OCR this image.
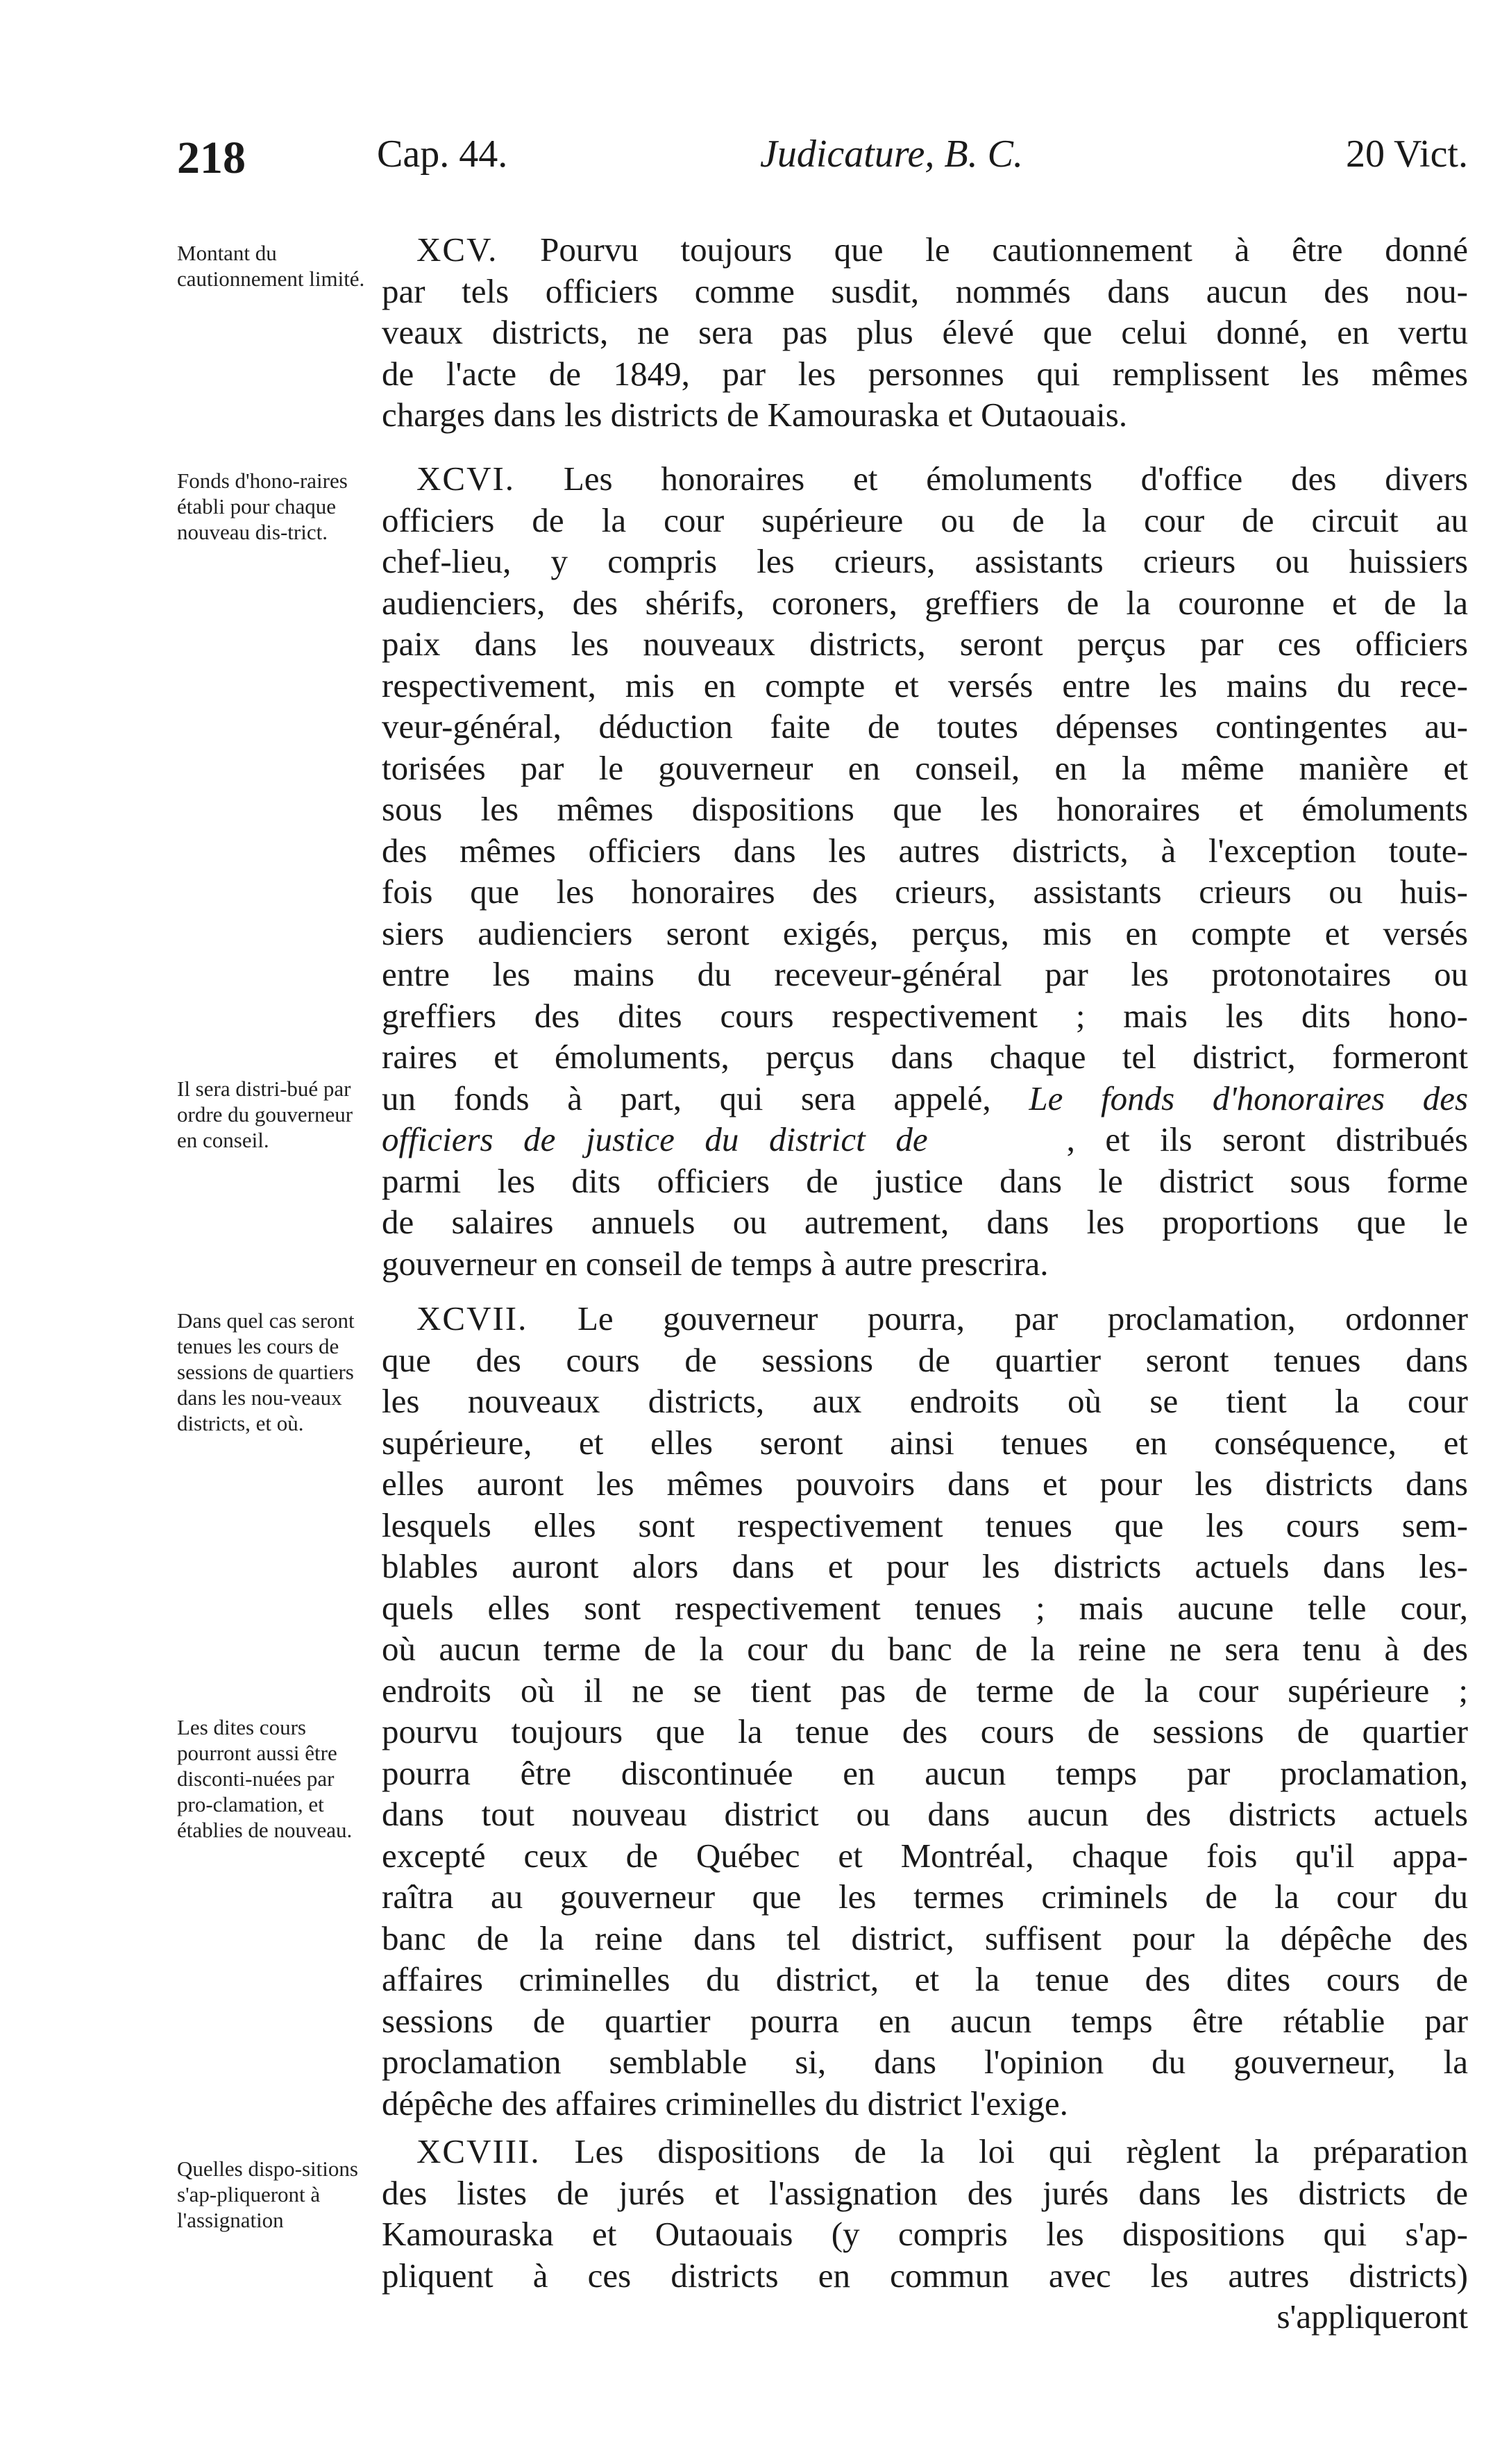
218	Cap. 44.	Judicature, B. C.	20 Vict.
Montant du cautionnement limité.
XCV. Pourvu toujours que le cautionnement à être donné
par tels officiers comme susdit, nommés dans aucun des nou-
veaux districts, ne sera pas plus élevé que celui donné, en vertu
de l'acte de 1849, par les personnes qui remplissent les mêmes
charges dans les districts de Kamouraska et Outaouais.
Fonds d'hono-raires établi pour chaque nouveau dis-trict.
Il sera distri-bué par ordre du gouverneur en conseil.
XCVI. Les honoraires et émoluments d'office des divers
officiers de la cour supérieure ou de la cour de circuit au
chef-lieu, y compris les crieurs, assistants crieurs ou huissiers
audienciers, des shérifs, coroners, greffiers de la couronne et de la
paix dans les nouveaux districts, seront perçus par ces officiers
respectivement, mis en compte et versés entre les mains du rece-
veur-général, déduction faite de toutes dépenses contingentes au-
torisées par le gouverneur en conseil, en la même manière et
sous les mêmes dispositions que les honoraires et émoluments
des mêmes officiers dans les autres districts, à l'exception toute-
fois que les honoraires des crieurs, assistants crieurs ou huis-
siers audienciers seront exigés, perçus, mis en compte et versés
entre les mains du receveur-général par les protonotaires ou
greffiers des dites cours respectivement ; mais les dits hono-
raires et émoluments, perçus dans chaque tel district, formeront
un fonds à part, qui sera appelé, Le fonds d'honoraires des
officiers de justice du district de	, et ils seront distribués
parmi les dits officiers de justice dans le district sous forme
de salaires annuels ou autrement, dans les proportions que le
gouverneur en conseil de temps à autre prescrira.
Dans quel cas seront tenues les cours de sessions de quartiers dans les nou-veaux districts, et où.
Les dites cours pourront aussi être disconti-nuées par pro-clamation, et établies de nouveau.
XCVII. Le gouverneur pourra, par proclamation, ordonner
que des cours de sessions de quartier seront tenues dans
les nouveaux districts, aux endroits où se tient la cour
supérieure, et elles seront ainsi tenues en conséquence, et
elles auront les mêmes pouvoirs dans et pour les districts dans
lesquels elles sont respectivement tenues que les cours sem-
blables auront alors dans et pour les districts actuels dans les-
quels elles sont respectivement tenues ; mais aucune telle cour,
où aucun terme de la cour du banc de la reine ne sera tenu à des
endroits où il ne se tient pas de terme de la cour supérieure ;
pourvu toujours que la tenue des cours de sessions de quartier
pourra être discontinuée en aucun temps par proclamation,
dans tout nouveau district ou dans aucun des districts actuels
excepté ceux de Québec et Montréal, chaque fois qu'il appa-
raîtra au gouverneur que les termes criminels de la cour du
banc de la reine dans tel district, suffisent pour la dépêche des
affaires criminelles du district, et la tenue des dites cours de
sessions de quartier pourra en aucun temps être rétablie par
proclamation semblable si, dans l'opinion du gouverneur, la
dépêche des affaires criminelles du district l'exige.
Quelles dispo-sitions s'ap-pliqueront à l'assignation
XCVIII. Les dispositions de la loi qui règlent la préparation
des listes de jurés et l'assignation des jurés dans les districts de
Kamouraska et Outaouais (y compris les dispositions qui s'ap-
pliquent à ces districts en commun avec les autres districts)
s'appliqueront
